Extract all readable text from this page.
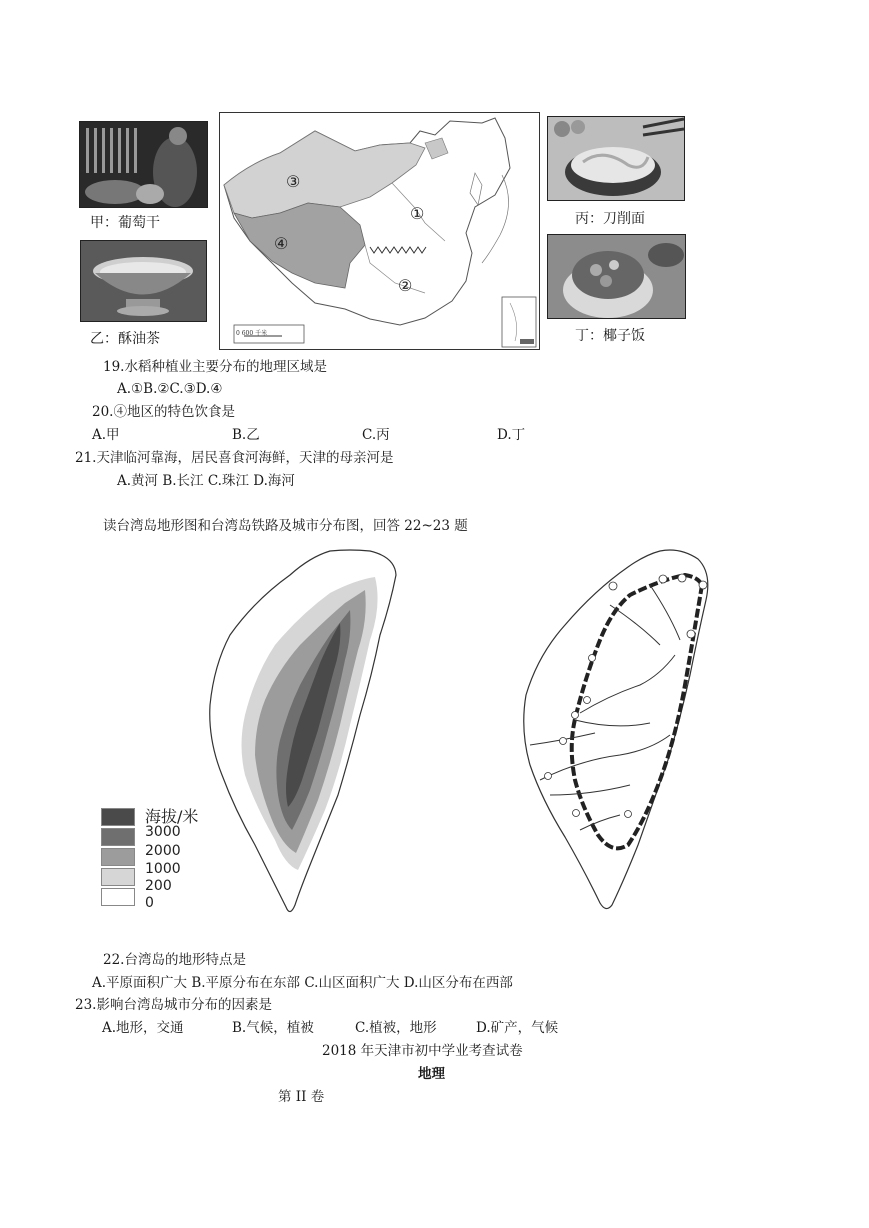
甲：葡萄干
乙：酥油茶
丙：刀削面
丁：椰子饭
0 600 千米
①
②
③
④
19.水稻种植业主要分布的地理区域是
A.①B.②C.③D.④
20.④地区的特色饮食是
A.甲	B.乙	C.丙	D.丁
21.天津临河靠海，居民喜食河海鲜，天津的母亲河是
A.黄河 B.长江 C.珠江 D.海河
读台湾岛地形图和台湾岛铁路及城市分布图，回答 22~23 题
海拔/米
3000
2000
1000
200
0
22.台湾岛的地形特点是
A.平原面积广大 B.平原分布在东部 C.山区面积广大 D.山区分布在西部
23.影响台湾岛城市分布的因素是
A.地形，交通	B.气候，植被	C.植被，地形	D.矿产，气候
2018 年天津市初中学业考查试卷
地理
第 II 卷
